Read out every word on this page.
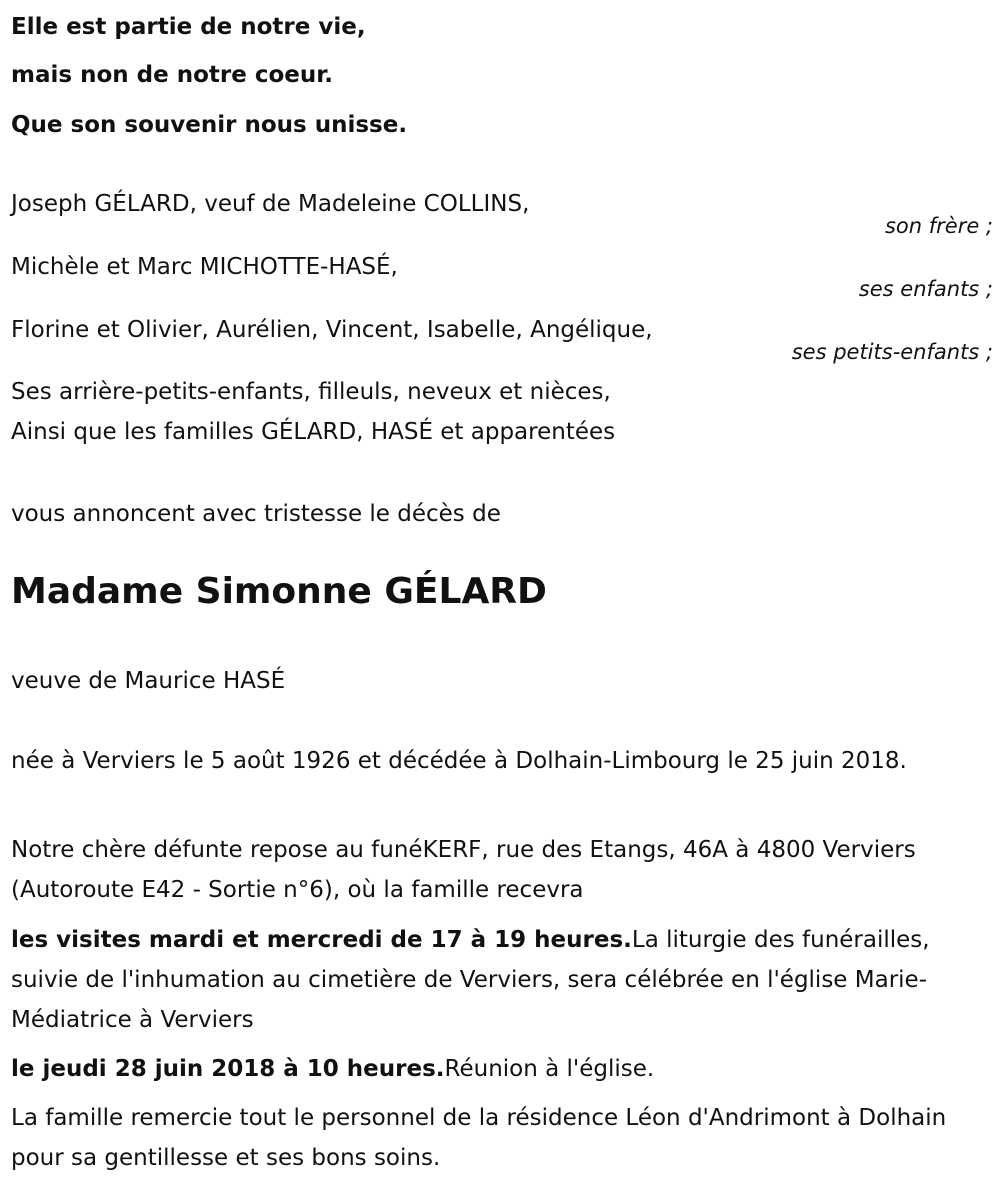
Elle est partie de notre vie,

mais non de notre coeur.

Que son souvenir nous unisse.

Joseph GÉLARD, veuf de Madeleine COLLINS,

son frère ;

Michèle et Marc MICHOTTE-HASÉ,

ses enfants ;

Florine et Olivier, Aurélien, Vincent, Isabelle, Angélique,

ses petits-enfants ;

Ses arrière-petits-enfants, filleuls, neveux et nièces,

Ainsi que les familles GÉLARD, HASÉ et apparentées

vous annoncent avec tristesse le décès de

Madame Simonne GÉLARD

veuve de Maurice HASÉ

née à Verviers le 5 août 1926 et décédée à Dolhain-Limbourg le 25 juin 2018.

Notre chère défunte repose au funéKERF, rue des Etangs, 46A à 4800 Verviers (Autoroute E42 - Sortie n°6), où la famille recevra

les visites mardi et mercredi de 17 à 19 heures.La liturgie des funérailles, suivie de l'inhumation au cimetière de Verviers, sera célébrée en l'église Marie-Médiatrice à Verviers

le jeudi 28 juin 2018 à 10 heures.Réunion à l'église.

La famille remercie tout le personnel de la résidence Léon d'Andrimont à Dolhain pour sa gentillesse et ses bons soins.
